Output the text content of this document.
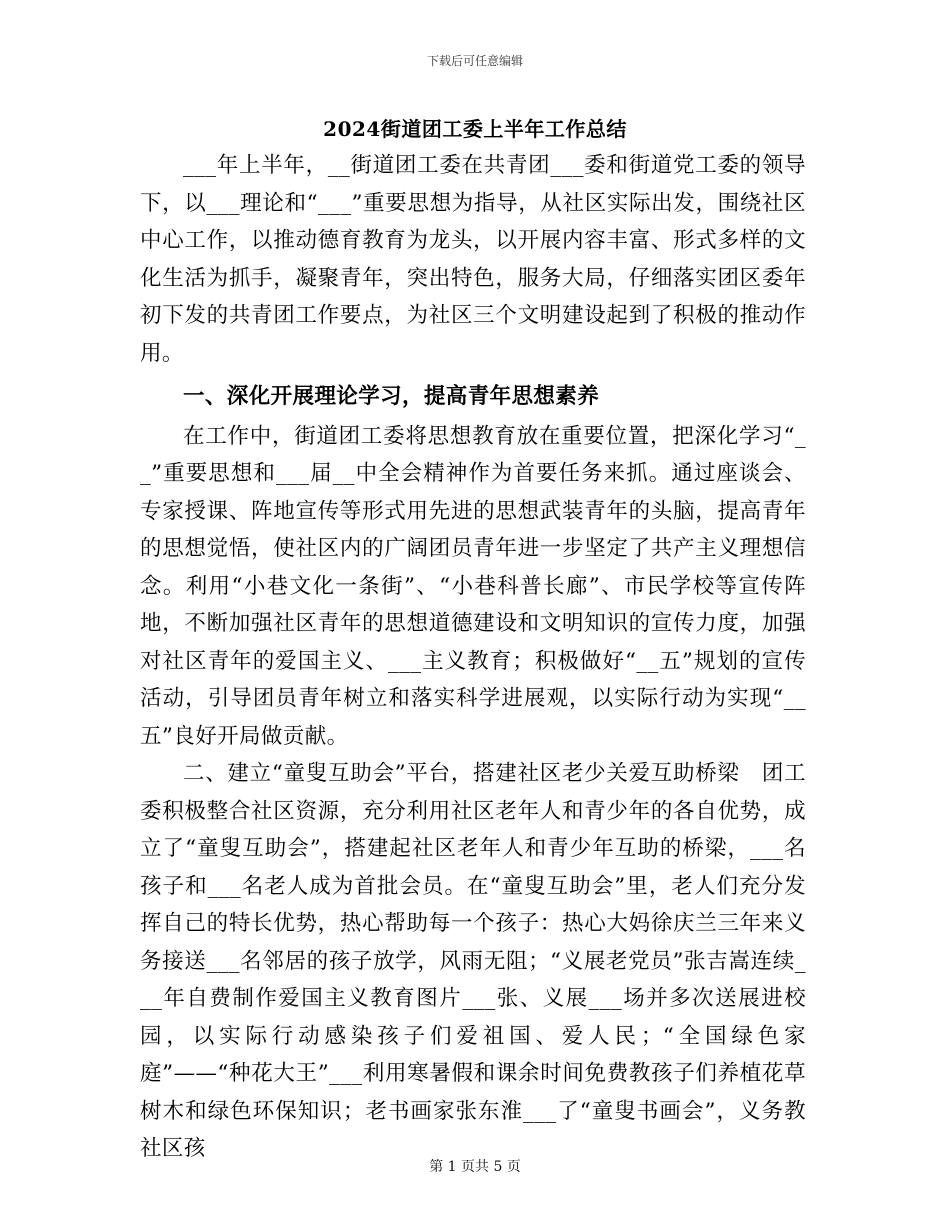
下载后可任意编辑
2024街道团工委上半年工作总结

___年上半年，__街道团工委在共青团___委和街道党工委的领导下，以___理论和“___”重要思想为指导，从社区实际出发，围绕社区中心工作，以推动德育教育为龙头，以开展内容丰富、形式多样的文化生活为抓手，凝聚青年，突出特色，服务大局，仔细落实团区委年初下发的共青团工作要点，为社区三个文明建设起到了积极的推动作用。

一、深化开展理论学习，提高青年思想素养

在工作中，街道团工委将思想教育放在重要位置，把深化学习“__”重要思想和___届__中全会精神作为首要任务来抓。通过座谈会、专家授课、阵地宣传等形式用先进的思想武装青年的头脑，提高青年的思想觉悟，使社区内的广阔团员青年进一步坚定了共产主义理想信念。利用“小巷文化一条街”、“小巷科普长廊”、市民学校等宣传阵地，不断加强社区青年的思想道德建设和文明知识的宣传力度，加强对社区青年的爱国主义、___主义教育；积极做好“__五”规划的宣传活动，引导团员青年树立和落实科学进展观，以实际行动为实现“__五”良好开局做贡献。

二、建立“童叟互助会”平台，搭建社区老少关爱互助桥梁　团工委积极整合社区资源，充分利用社区老年人和青少年的各自优势，成立了“童叟互助会”，搭建起社区老年人和青少年互助的桥梁，___名孩子和___名老人成为首批会员。在“童叟互助会”里，老人们充分发挥自己的特长优势，热心帮助每一个孩子：热心大妈徐庆兰三年来义务接送___名邻居的孩子放学，风雨无阻；“义展老党员”张吉嵩连续___年自费制作爱国主义教育图片___张、义展___场并多次送展进校园，以实际行动感染孩子们爱祖国、爱人民；“全国绿色家庭”——“种花大王”___利用寒暑假和课余时间免费教孩子们养植花草树木和绿色环保知识；老书画家张东淮___了“童叟书画会”，义务教社区孩

第 1 页共 5 页
